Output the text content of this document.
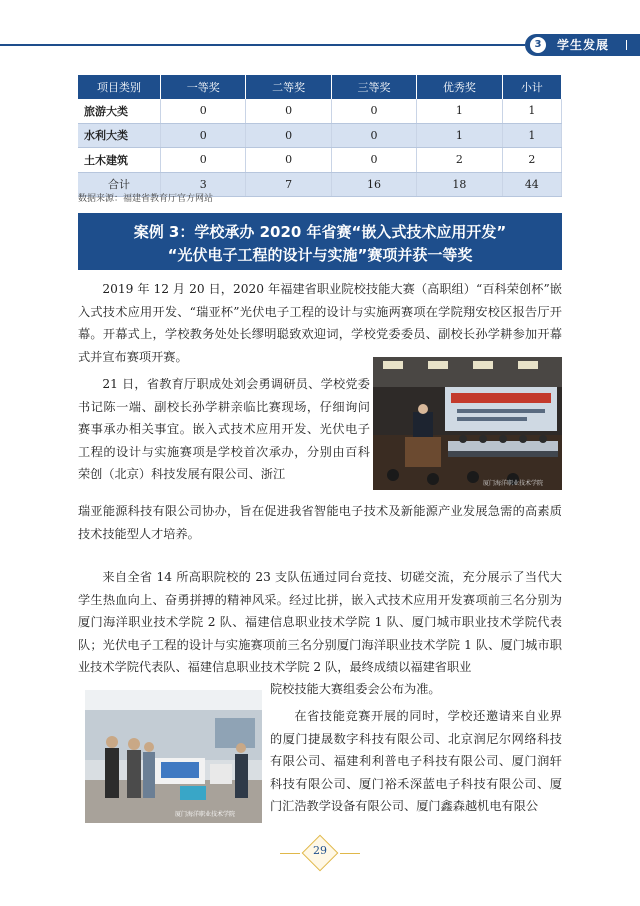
3	学生发展
项目类别	一等奖	二等奖	三等奖	优秀奖	小计
旅游大类	0	0	0	1	1
水利大类	0	0	0	1	1
土木建筑	0	0	0	2	2
合计	3	7	16	18	44
数据来源：福建省教育厅官方网站
案例 3：学校承办 2020 年省赛“嵌入式技术应用开发”
“光伏电子工程的设计与实施”赛项并获一等奖
2019 年 12 月 20 日，2020 年福建省职业院校技能大赛（高职组）“百科荣创杯”嵌入式技术应用开发、“瑞亚杯”光伏电子工程的设计与实施两赛项在学院翔安校区报告厅开幕。开幕式上，学校教务处处长缪明聪致欢迎词，学校党委委员、副校长孙学耕参加开幕式并宣布赛项开赛。
21 日，省教育厅职成处刘会勇调研员、学校党委书记陈一端、副校长孙学耕亲临比赛现场，仔细询问赛事承办相关事宜。嵌入式技术应用开发、光伏电子工程的设计与实施赛项是学校首次承办，分别由百科荣创（北京）科技发展有限公司、浙江
瑞亚能源科技有限公司协办，旨在促进我省智能电子技术及新能源产业发展急需的高素质技术技能型人才培养。
来自全省 14 所高职院校的 23 支队伍通过同台竞技、切磋交流，充分展示了当代大学生热血向上、奋勇拼搏的精神风采。经过比拼，嵌入式技术应用开发赛项前三名分别为厦门海洋职业技术学院 2 队、福建信息职业技术学院 1 队、厦门城市职业技术学院代表队；光伏电子工程的设计与实施赛项前三名分别厦门海洋职业技术学院 1 队、厦门城市职业技术学院代表队、福建信息职业技术学院 2 队，最终成绩以福建省职业
院校技能大赛组委会公布为准。
在省技能竞赛开展的同时，学校还邀请来自业界的厦门捷晟数字科技有限公司、北京润尼尔网络科技有限公司、福建利利普电子科技有限公司、厦门润轩科技有限公司、厦门裕禾深蓝电子科技有限公司、厦门汇浩教学设备有限公司、厦门鑫森越机电有限公
厦门海洋职业技术学院
厦门海洋职业技术学院
29
